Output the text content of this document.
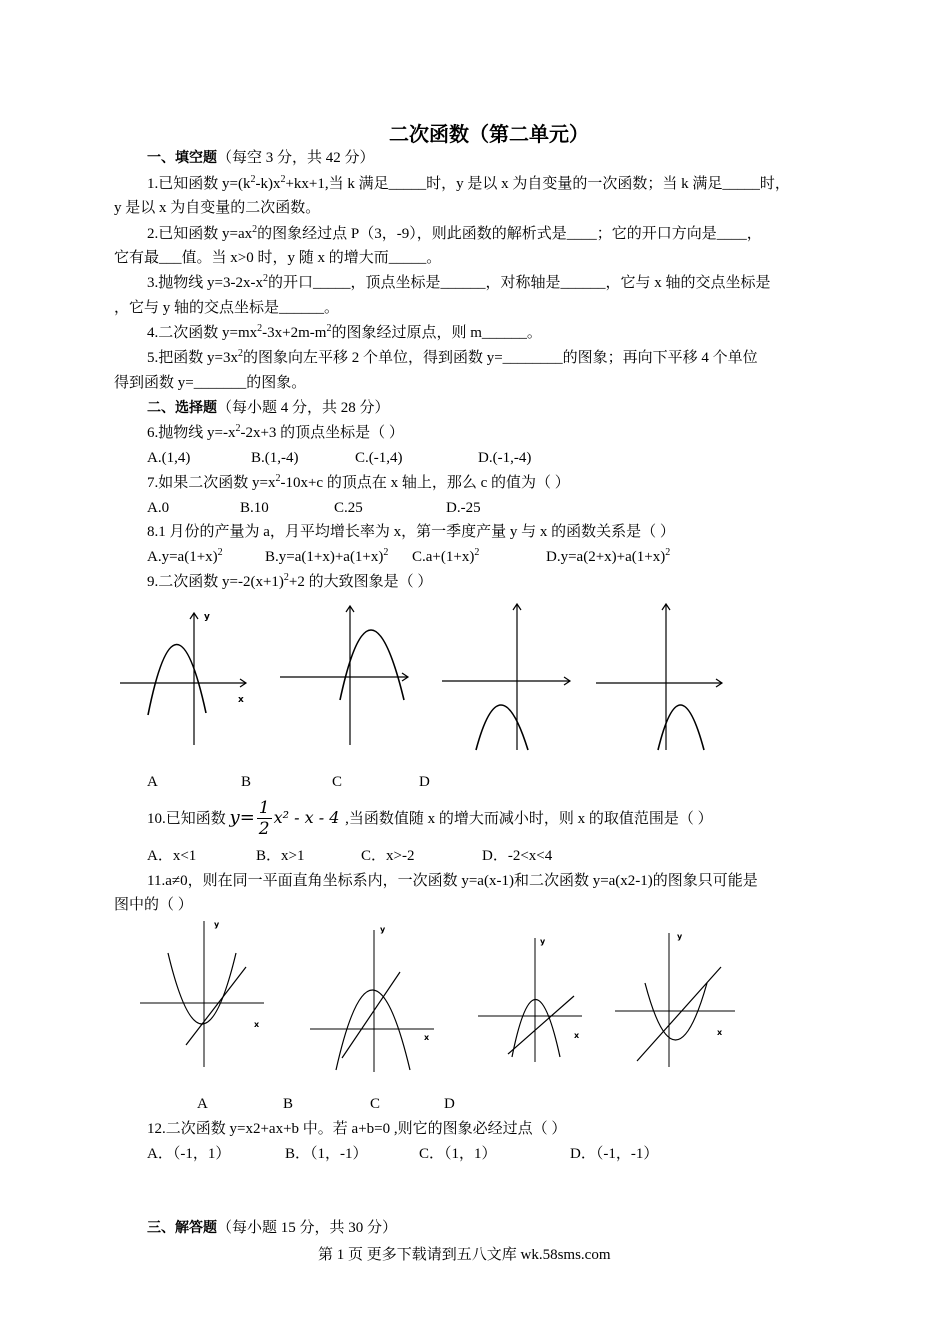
二次函数（第二单元）
一、填空题（每空 3 分，共 42 分）
1.已知函数 $y=(k^2-k)x^2+kx+1$,当 k 满足_____时，y 是以 x 为自变量的一次函数；当 k 满足_____时，
y 是以 x 为自变量的二次函数。
2.已知函数 $y=ax^2$的图象经过点 P（3，-9），则此函数的解析式是____；它的开口方向是____，
它有最___值。当 x>0 时，y 随 x 的增大而_____。
3.抛物线 $y=3-2x-x^2$的开口_____，顶点坐标是______，对称轴是______，它与 x 轴的交点坐标是
，它与 y 轴的交点坐标是______。
4.二次函数 $y=mx^2-3x+2m-m^2$的图象经过原点，则 m______。
5.把函数 $y=3x^2$的图象向左平移 2 个单位，得到函数 y=________的图象；再向下平移 4 个单位
得到函数 y=_______的图象。
二、选择题（每小题 4 分，共 28 分）
6.抛物线 $y=-x^2-2x+3$ 的顶点坐标是（ ）
A.(1,4)	B.(1,-4)	C.(-1,4)	D.(-1,-4)
7.如果二次函数 $y=x^2-10x+c$ 的顶点在 x 轴上，那么 c 的值为（ ）
A.0	B.10	C.25	D.-25
8.1 月份的产量为 a，月平均增长率为 x，第一季度产量 y 与 x 的函数关系是（ ）
$A.y=a(1+x)^2$	$B.y=a(1+x)+a(1+x)^2$ $C.a+(1+x)^2$	$D.y=a(2+x)+a(1+x)^2$
9.二次函数 $y=-2(x+1)^2+2$ 的大致图象是（ ）
y
x
A	B	C	D
10.已知函数 $y= \frac{1}{2} x^2 - x - 4$ ,当函数值随 x 的增大而减小时，则 x 的取值范围是（ ）
A．x<1	B．x>1	C．x>-2	D．-2<x<4
11.a≠0，则在同一平面直角坐标系内，一次函数 y=a(x-1)和二次函数 y=a(x2-1)的图象只可能是
图中的（ ）
y
x
y
x
y
x
y
x
A	B	C	D
12.二次函数 y=x2+ax+b 中。若 a+b=0 ,则它的图象必经过点（ ）
A．（-1，1）	B．（1，-1）	C．（1，1）	D．（-1，-1）
三、解答题（每小题 15 分，共 30 分）
第 1 页 更多下载请到五八文库 wk.58sms.com
